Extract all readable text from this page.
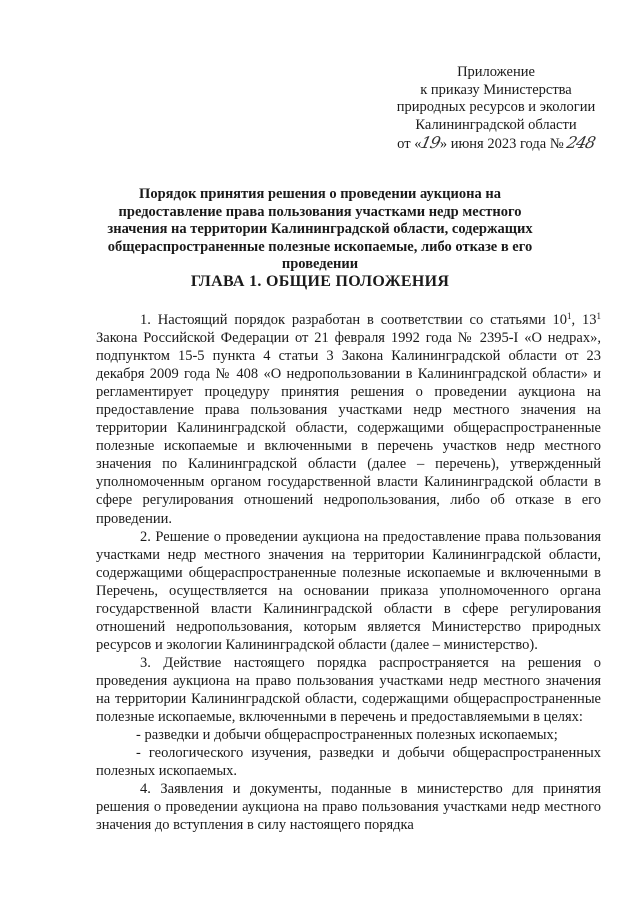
Приложение
к приказу Министерства
природных ресурсов и экологии
Калининградской области
от «19» июня 2023 года № 248
Порядок принятия решения о проведении аукциона на предоставление права пользования участками недр местного значения на территории Калининградской области, содержащих общераспространенные полезные ископаемые, либо отказе в его проведении
ГЛАВА 1. ОБЩИЕ ПОЛОЖЕНИЯ

1. Настоящий порядок разработан в соответствии со статьями $10^1$, $13^1$ Закона Российской Федерации от 21 февраля 1992 года № 2395-I «О недрах», подпунктом 15-5 пункта 4 статьи 3 Закона Калининградской области от 23 декабря 2009 года № 408 «О недропользовании в Калининградской области» и регламентирует процедуру принятия решения о проведении аукциона на предоставление права пользования участками недр местного значения на территории Калининградской области, содержащими общераспространенные полезные ископаемые и включенными в перечень участков недр местного значения по Калининградской области (далее – перечень), утвержденный уполномоченным органом государственной власти Калининградской области в сфере регулирования отношений недропользования, либо об отказе в его проведении.

2. Решение о проведении аукциона на предоставление права пользования участками недр местного значения на территории Калининградской области, содержащими общераспространенные полезные ископаемые и включенными в Перечень, осуществляется на основании приказа уполномоченного органа государственной власти Калининградской области в сфере регулирования отношений недропользования, которым является Министерство природных ресурсов и экологии Калининградской области (далее – министерство).

3. Действие настоящего порядка распространяется на решения о проведения аукциона на право пользования участками недр местного значения на территории Калининградской области, содержащими общераспространенные полезные ископаемые, включенными в перечень и предоставляемыми в целях:

- разведки и добычи общераспространенных полезных ископаемых;

- геологического изучения, разведки и добычи общераспространенных полезных ископаемых.

4. Заявления и документы, поданные в министерство для принятия решения о проведении аукциона на право пользования участками недр местного значения до вступления в силу настоящего порядка
